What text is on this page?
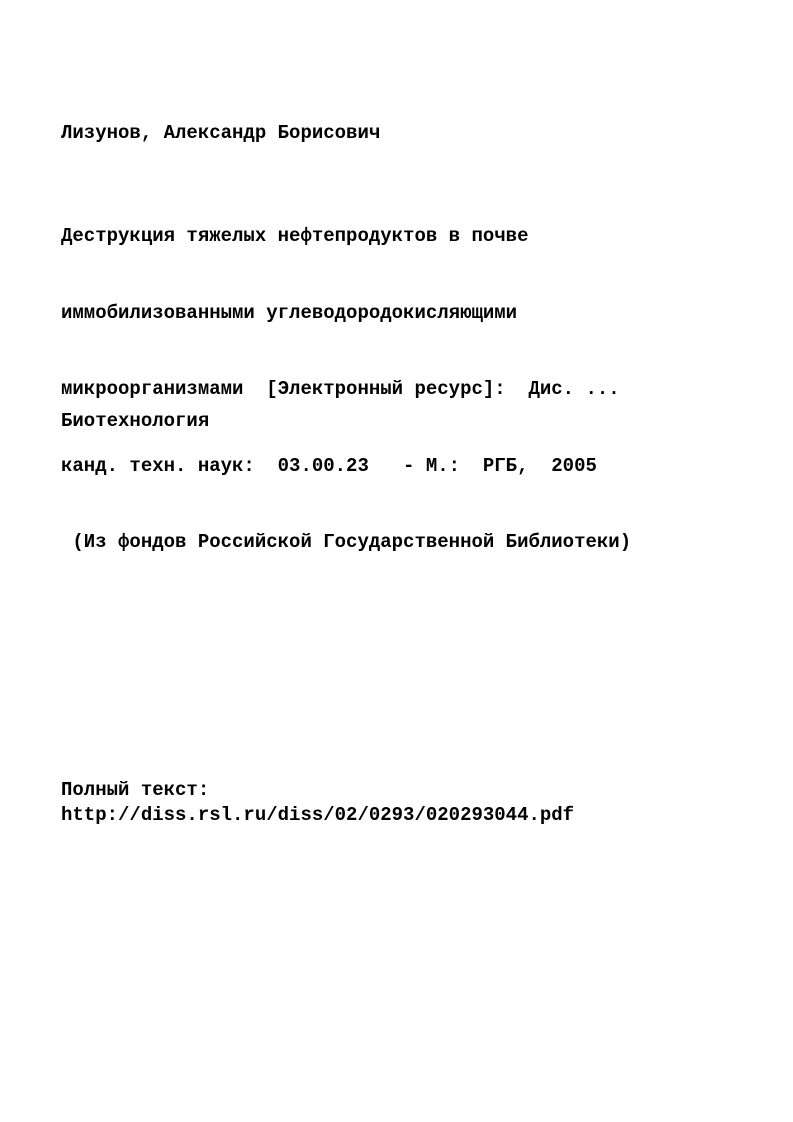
Лизунов, Александр Борисович

Деструкция тяжелых нефтепродуктов в почве

иммобилизованными углеводородокисляющими

микроорганизмами  [Электронный ресурс]:  Дис. ...

канд. техн. наук:  03.00.23   - М.:  РГБ,  2005

(Из фондов Российской Государственной Библиотеки)

Биотехнология
Полный текст:
http://diss.rsl.ru/diss/02/0293/020293044.pdf
